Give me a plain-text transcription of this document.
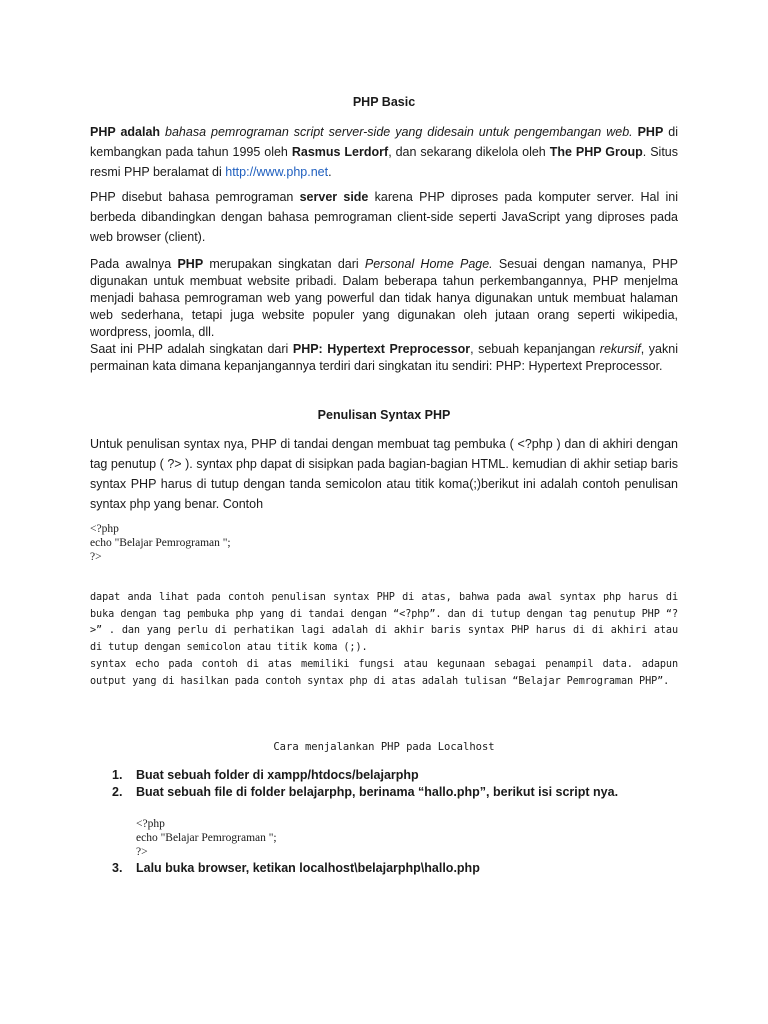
PHP Basic

PHP adalah bahasa pemrograman script server-side yang didesain untuk pengembangan web. PHP di kembangkan pada tahun 1995 oleh Rasmus Lerdorf, dan sekarang dikelola oleh The PHP Group. Situs resmi PHP beralamat di http://www.php.net.

PHP disebut bahasa pemrograman server side karena PHP diproses pada komputer server. Hal ini berbeda dibandingkan dengan bahasa pemrograman client-side seperti JavaScript yang diproses pada web browser (client).

Pada awalnya PHP merupakan singkatan dari Personal Home Page. Sesuai dengan namanya, PHP digunakan untuk membuat website pribadi. Dalam beberapa tahun perkembangannya, PHP menjelma menjadi bahasa pemrograman web yang powerful dan tidak hanya digunakan untuk membuat halaman web sederhana, tetapi juga website populer yang digunakan oleh jutaan orang seperti wikipedia, wordpress, joomla, dll.
Saat ini PHP adalah singkatan dari PHP: Hypertext Preprocessor, sebuah kepanjangan rekursif, yakni permainan kata dimana kepanjangannya terdiri dari singkatan itu sendiri: PHP: Hypertext Preprocessor.

Penulisan Syntax PHP

Untuk penulisan syntax nya, PHP di tandai dengan membuat tag pembuka ( <?php ) dan di akhiri dengan tag penutup ( ?> ). syntax php dapat di sisipkan pada bagian-bagian HTML. kemudian di akhir setiap baris syntax PHP harus di tutup dengan tanda semicolon atau titik koma(;)berikut ini adalah contoh penulisan syntax php yang benar. Contoh

<?php
echo "Belajar Pemrograman ";
?>

dapat anda lihat pada contoh penulisan syntax PHP di atas, bahwa pada awal syntax php harus di buka dengan tag pembuka php yang di tandai dengan “<?php”. dan di tutup dengan tag penutup PHP “?>” . dan yang perlu di perhatikan lagi adalah di akhir baris syntax PHP harus di di akhiri atau di tutup dengan semicolon atau titik koma (;).

syntax echo pada contoh di atas memiliki fungsi atau kegunaan sebagai penampil data. adapun output yang di hasilkan pada contoh syntax php di atas adalah tulisan “Belajar Pemrograman PHP”.

Cara menjalankan PHP pada Localhost
1. Buat sebuah folder di xampp/htdocs/belajarphp
2. Buat sebuah file di folder belajarphp, berinama “hallo.php”, berikut isi script nya.
<?php
echo "Belajar Pemrograman ";
?>
3. Lalu buka browser, ketikan localhost\belajarphp\hallo.php
